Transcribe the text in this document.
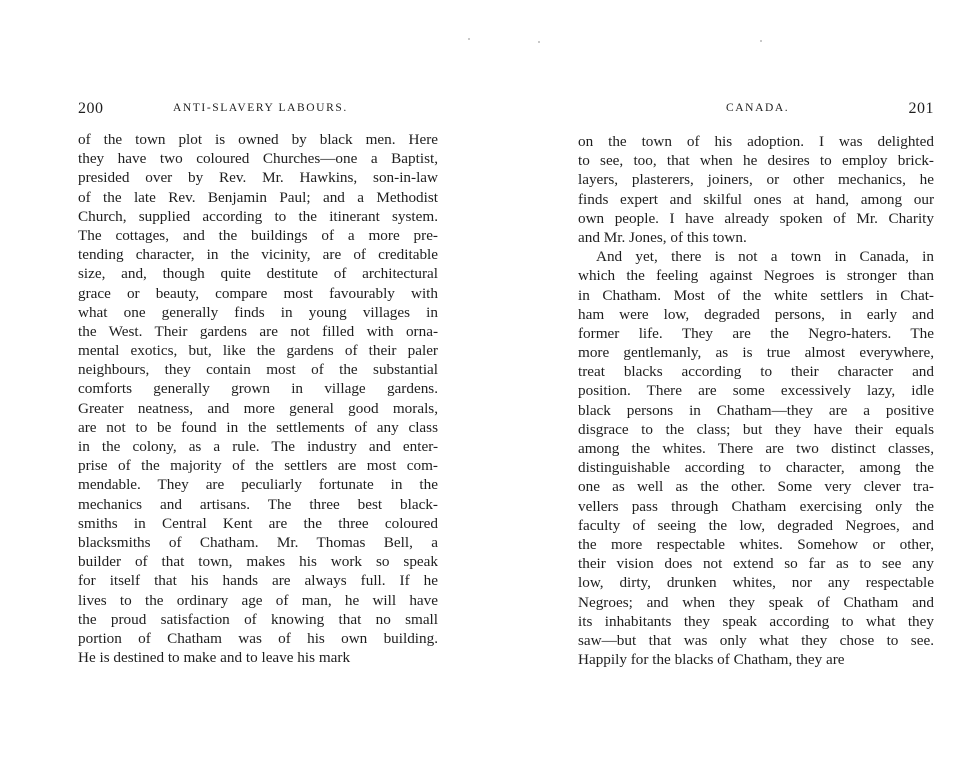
200	ANTI-SLAVERY LABOURS.
of the town plot is owned by black men. Here
they have two coloured Churches—one a Baptist,
presided over by Rev. Mr. Hawkins, son-in-law
of the late Rev. Benjamin Paul; and a Methodist
Church, supplied according to the itinerant system.
The cottages, and the buildings of a more pre-
tending character, in the vicinity, are of creditable
size, and, though quite destitute of architectural
grace or beauty, compare most favourably with
what one generally finds in young villages in
the West. Their gardens are not filled with orna-
mental exotics, but, like the gardens of their paler
neighbours, they contain most of the substantial
comforts generally grown in village gardens.
Greater neatness, and more general good morals,
are not to be found in the settlements of any class
in the colony, as a rule. The industry and enter-
prise of the majority of the settlers are most com-
mendable. They are peculiarly fortunate in the
mechanics and artisans. The three best black-
smiths in Central Kent are the three coloured
blacksmiths of Chatham. Mr. Thomas Bell, a
builder of that town, makes his work so speak
for itself that his hands are always full. If he
lives to the ordinary age of man, he will have
the proud satisfaction of knowing that no small
portion of Chatham was of his own building.
He is destined to make and to leave his mark
CANADA.	201
on the town of his adoption. I was delighted
to see, too, that when he desires to employ brick-
layers, plasterers, joiners, or other mechanics, he
finds expert and skilful ones at hand, among our
own people. I have already spoken of Mr. Charity
and Mr. Jones, of this town.
And yet, there is not a town in Canada, in
which the feeling against Negroes is stronger than
in Chatham. Most of the white settlers in Chat-
ham were low, degraded persons, in early and
former life. They are the Negro-haters. The
more gentlemanly, as is true almost everywhere,
treat blacks according to their character and
position. There are some excessively lazy, idle
black persons in Chatham—they are a positive
disgrace to the class; but they have their equals
among the whites. There are two distinct classes,
distinguishable according to character, among the
one as well as the other. Some very clever tra-
vellers pass through Chatham exercising only the
faculty of seeing the low, degraded Negroes, and
the more respectable whites. Somehow or other,
their vision does not extend so far as to see any
low, dirty, drunken whites, nor any respectable
Negroes; and when they speak of Chatham and
its inhabitants they speak according to what they
saw—but that was only what they chose to see.
Happily for the blacks of Chatham, they are
